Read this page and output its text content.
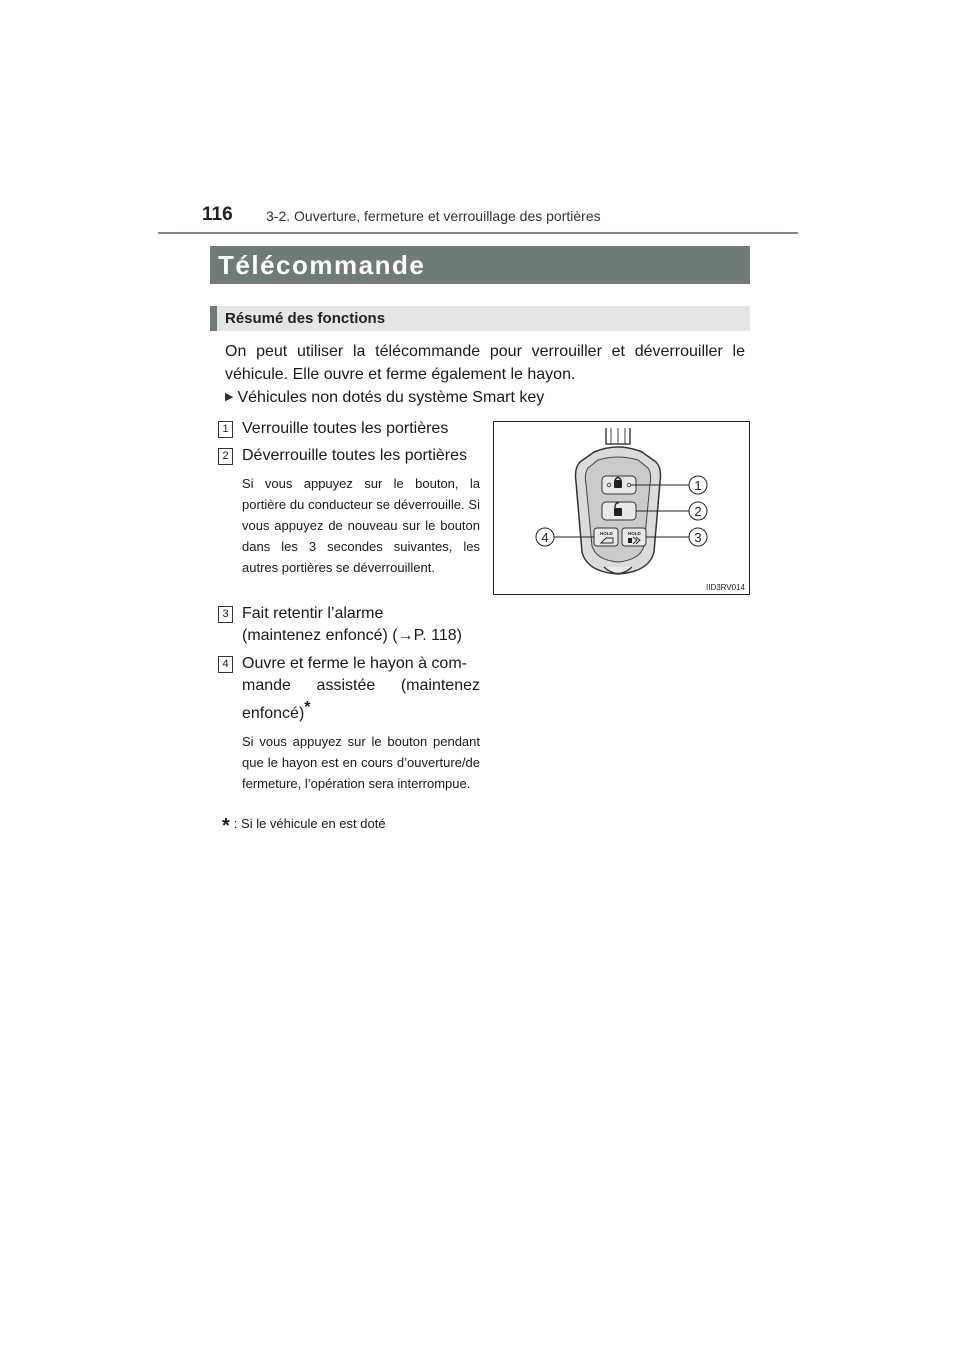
116 3-2. Ouverture, fermeture et verrouillage des portières
Télécommande
Résumé des fonctions
On peut utiliser la télécommande pour verrouiller et déverrouiller le véhicule. Elle ouvre et ferme également le hayon.
▶ Véhicules non dotés du système Smart key
1 Verrouille toutes les portières
2 Déverrouille toutes les portières
Si vous appuyez sur le bouton, la portière du conducteur se déverrouille. Si vous appuyez de nouveau sur le bouton dans les 3 secondes suivantes, les autres portières se déverrouillent.
3 Fait retentir l’alarme
(maintenez enfoncé) (→P. 118)
4 Ouvre et ferme le hayon à com-
mande assistée (maintenez
enfoncé)*
Si vous appuyez sur le bouton pendant que le hayon est en cours d’ouverture/de fermeture, l’opération sera interrompue.
* : Si le véhicule en est doté
HOLD	HOLD
1
2
3
4
IID3RV014
